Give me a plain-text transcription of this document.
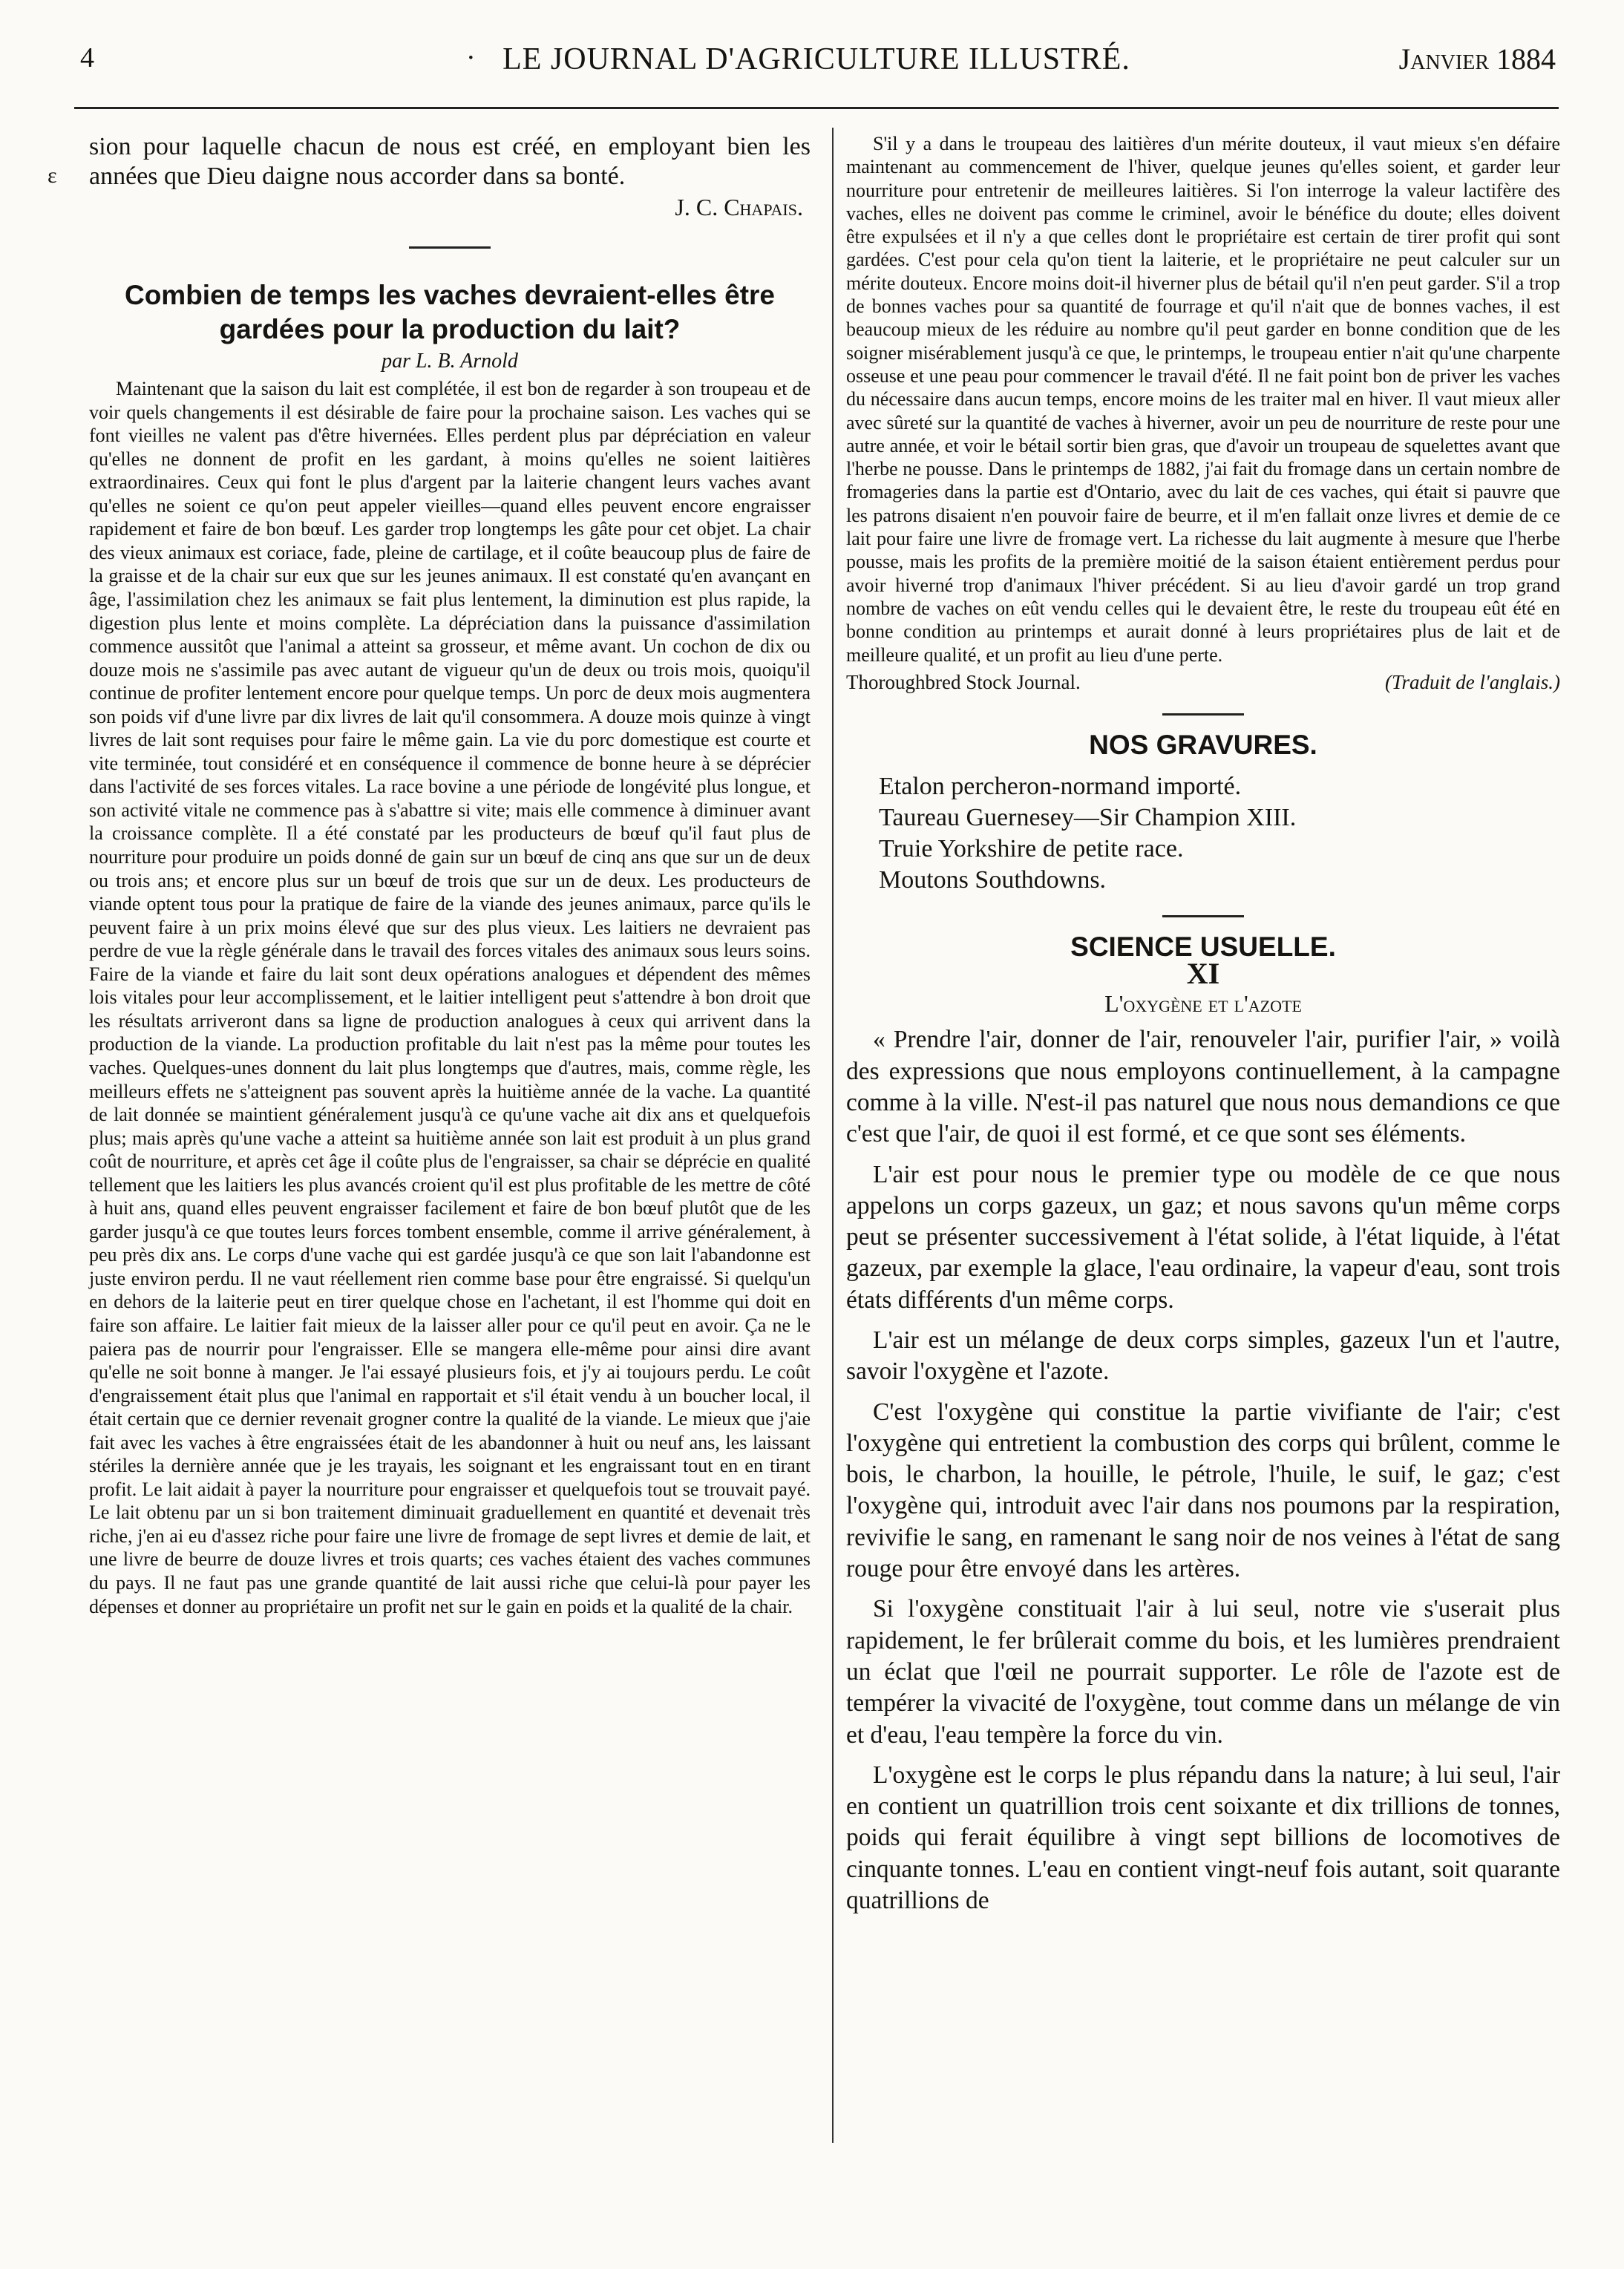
4	· LE JOURNAL D'AGRICULTURE ILLUSTRÉ.	Janvier 1884
ɛ

sion pour laquelle chacun de nous est créé, en employant bien les années que Dieu daigne nous accorder dans sa bonté.

J. C. Chapais.

Combien de temps les vaches devraient-elles être gardées pour la production du lait?

par L. B. Arnold

Maintenant que la saison du lait est complétée, il est bon de regarder à son troupeau et de voir quels changements il est désirable de faire pour la prochaine saison. Les vaches qui se font vieilles ne valent pas d'être hivernées. Elles perdent plus par dépréciation en valeur qu'elles ne donnent de profit en les gardant, à moins qu'elles ne soient laitières extraordinaires. Ceux qui font le plus d'argent par la laiterie changent leurs vaches avant qu'elles ne soient ce qu'on peut appeler vieilles—quand elles peuvent encore engraisser rapidement et faire de bon bœuf. Les garder trop longtemps les gâte pour cet objet. La chair des vieux animaux est coriace, fade, pleine de cartilage, et il coûte beaucoup plus de faire de la graisse et de la chair sur eux que sur les jeunes animaux. Il est constaté qu'en avançant en âge, l'assimilation chez les animaux se fait plus lentement, la diminution est plus rapide, la digestion plus lente et moins complète. La dépréciation dans la puissance d'assimilation commence aussitôt que l'animal a atteint sa grosseur, et même avant. Un cochon de dix ou douze mois ne s'assimile pas avec autant de vigueur qu'un de deux ou trois mois, quoiqu'il continue de profiter lentement encore pour quelque temps. Un porc de deux mois augmentera son poids vif d'une livre par dix livres de lait qu'il consommera. A douze mois quinze à vingt livres de lait sont requises pour faire le même gain. La vie du porc domestique est courte et vite terminée, tout considéré et en conséquence il commence de bonne heure à se déprécier dans l'activité de ses forces vitales. La race bovine a une période de longévité plus longue, et son activité vitale ne commence pas à s'abattre si vite; mais elle commence à diminuer avant la croissance complète. Il a été constaté par les producteurs de bœuf qu'il faut plus de nourriture pour produire un poids donné de gain sur un bœuf de cinq ans que sur un de deux ou trois ans; et encore plus sur un bœuf de trois que sur un de deux. Les producteurs de viande optent tous pour la pratique de faire de la viande des jeunes animaux, parce qu'ils le peuvent faire à un prix moins élevé que sur des plus vieux. Les laitiers ne devraient pas perdre de vue la règle générale dans le travail des forces vitales des animaux sous leurs soins. Faire de la viande et faire du lait sont deux opérations analogues et dépendent des mêmes lois vitales pour leur accomplissement, et le laitier intelligent peut s'attendre à bon droit que les résultats arriveront dans sa ligne de production analogues à ceux qui arrivent dans la production de la viande. La production profitable du lait n'est pas la même pour toutes les vaches. Quelques-unes donnent du lait plus longtemps que d'autres, mais, comme règle, les meilleurs effets ne s'atteignent pas souvent après la huitième année de la vache. La quantité de lait donnée se maintient généralement jusqu'à ce qu'une vache ait dix ans et quelquefois plus; mais après qu'une vache a atteint sa huitième année son lait est produit à un plus grand coût de nourriture, et après cet âge il coûte plus de l'engraisser, sa chair se déprécie en qualité tellement que les laitiers les plus avancés croient qu'il est plus profitable de les mettre de côté à huit ans, quand elles peuvent engraisser facilement et faire de bon bœuf plutôt que de les garder jusqu'à ce que toutes leurs forces tombent ensemble, comme il arrive généralement, à peu près dix ans. Le corps d'une vache qui est gardée jusqu'à ce que son lait l'abandonne est juste environ perdu. Il ne vaut réellement rien comme base pour être engraissé. Si quelqu'un en dehors de la laiterie peut en tirer quelque chose en l'achetant, il est l'homme qui doit en faire son affaire. Le laitier fait mieux de la laisser aller pour ce qu'il peut en avoir. Ça ne le paiera pas de nourrir pour l'engraisser. Elle se mangera elle-même pour ainsi dire avant qu'elle ne soit bonne à manger. Je l'ai essayé plusieurs fois, et j'y ai toujours perdu. Le coût d'engraissement était plus que l'animal en rapportait et s'il était vendu à un boucher local, il était certain que ce dernier revenait grogner contre la qualité de la viande. Le mieux que j'aie fait avec les vaches à être engraissées était de les abandonner à huit ou neuf ans, les laissant stériles la dernière année que je les trayais, les soignant et les engraissant tout en en tirant profit. Le lait aidait à payer la nourriture pour engraisser et quelquefois tout se trouvait payé. Le lait obtenu par un si bon traitement diminuait graduellement en quantité et devenait très riche, j'en ai eu d'assez riche pour faire une livre de fromage de sept livres et demie de lait, et une livre de beurre de douze livres et trois quarts; ces vaches étaient des vaches communes du pays. Il ne faut pas une grande quantité de lait aussi riche que celui-là pour payer les dépenses et donner au propriétaire un profit net sur le gain en poids et la qualité de la chair.

S'il y a dans le troupeau des laitières d'un mérite douteux, il vaut mieux s'en défaire maintenant au commencement de l'hiver, quelque jeunes qu'elles soient, et garder leur nourriture pour entretenir de meilleures laitières. Si l'on interroge la valeur lactifère des vaches, elles ne doivent pas comme le criminel, avoir le bénéfice du doute; elles doivent être expulsées et il n'y a que celles dont le propriétaire est certain de tirer profit qui sont gardées. C'est pour cela qu'on tient la laiterie, et le propriétaire ne peut calculer sur un mérite douteux. Encore moins doit-il hiverner plus de bétail qu'il n'en peut garder. S'il a trop de bonnes vaches pour sa quantité de fourrage et qu'il n'ait que de bonnes vaches, il est beaucoup mieux de les réduire au nombre qu'il peut garder en bonne condition que de les soigner misérablement jusqu'à ce que, le printemps, le troupeau entier n'ait qu'une charpente osseuse et une peau pour commencer le travail d'été. Il ne fait point bon de priver les vaches du nécessaire dans aucun temps, encore moins de les traiter mal en hiver. Il vaut mieux aller avec sûreté sur la quantité de vaches à hiverner, avoir un peu de nourriture de reste pour une autre année, et voir le bétail sortir bien gras, que d'avoir un troupeau de squelettes avant que l'herbe ne pousse. Dans le printemps de 1882, j'ai fait du fromage dans un certain nombre de fromageries dans la partie est d'Ontario, avec du lait de ces vaches, qui était si pauvre que les patrons disaient n'en pouvoir faire de beurre, et il m'en fallait onze livres et demie de ce lait pour faire une livre de fromage vert. La richesse du lait augmente à mesure que l'herbe pousse, mais les profits de la première moitié de la saison étaient entièrement perdus pour avoir hiverné trop d'animaux l'hiver précédent. Si au lieu d'avoir gardé un trop grand nombre de vaches on eût vendu celles qui le devaient être, le reste du troupeau eût été en bonne condition au printemps et aurait donné à leurs propriétaires plus de lait et de meilleure qualité, et un profit au lieu d'une perte.

Thoroughbred Stock Journal.	(Traduit de l'anglais.)

NOS GRAVURES.
Etalon percheron-normand importé.
Taureau Guernesey—Sir Champion XIII.
Truie Yorkshire de petite race.
Moutons Southdowns.
SCIENCE USUELLE.
XI
L'oxygène et l'azote

« Prendre l'air, donner de l'air, renouveler l'air, purifier l'air, » voilà des expressions que nous employons continuellement, à la campagne comme à la ville. N'est-il pas naturel que nous nous demandions ce que c'est que l'air, de quoi il est formé, et ce que sont ses éléments.

L'air est pour nous le premier type ou modèle de ce que nous appelons un corps gazeux, un gaz; et nous savons qu'un même corps peut se présenter successivement à l'état solide, à l'état liquide, à l'état gazeux, par exemple la glace, l'eau ordinaire, la vapeur d'eau, sont trois états différents d'un même corps.

L'air est un mélange de deux corps simples, gazeux l'un et l'autre, savoir l'oxygène et l'azote.

C'est l'oxygène qui constitue la partie vivifiante de l'air; c'est l'oxygène qui entretient la combustion des corps qui brûlent, comme le bois, le charbon, la houille, le pétrole, l'huile, le suif, le gaz; c'est l'oxygène qui, introduit avec l'air dans nos poumons par la respiration, revivifie le sang, en ramenant le sang noir de nos veines à l'état de sang rouge pour être envoyé dans les artères.

Si l'oxygène constituait l'air à lui seul, notre vie s'userait plus rapidement, le fer brûlerait comme du bois, et les lumières prendraient un éclat que l'œil ne pourrait supporter. Le rôle de l'azote est de tempérer la vivacité de l'oxygène, tout comme dans un mélange de vin et d'eau, l'eau tempère la force du vin.

L'oxygène est le corps le plus répandu dans la nature; à lui seul, l'air en contient un quatrillion trois cent soixante et dix trillions de tonnes, poids qui ferait équilibre à vingt sept billions de locomotives de cinquante tonnes. L'eau en contient vingt-neuf fois autant, soit quarante quatrillions de
